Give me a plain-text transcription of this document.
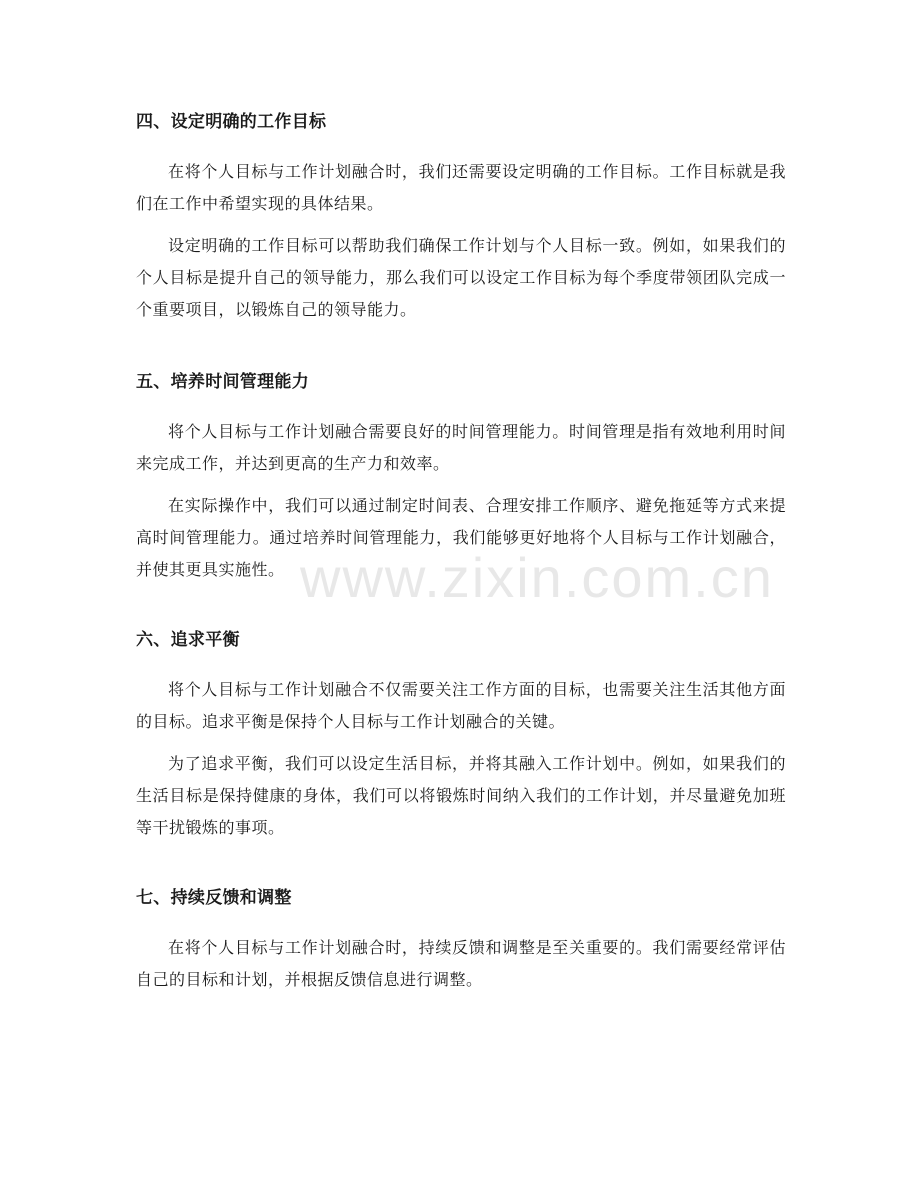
www.zixin.com.cn
四、设定明确的工作目标

在将个人目标与工作计划融合时，我们还需要设定明确的工作目标。工作目标就是我们在工作中希望实现的具体结果。

设定明确的工作目标可以帮助我们确保工作计划与个人目标一致。例如，如果我们的个人目标是提升自己的领导能力，那么我们可以设定工作目标为每个季度带领团队完成一个重要项目，以锻炼自己的领导能力。

五、培养时间管理能力

将个人目标与工作计划融合需要良好的时间管理能力。时间管理是指有效地利用时间来完成工作，并达到更高的生产力和效率。

在实际操作中，我们可以通过制定时间表、合理安排工作顺序、避免拖延等方式来提高时间管理能力。通过培养时间管理能力，我们能够更好地将个人目标与工作计划融合，并使其更具实施性。

六、追求平衡

将个人目标与工作计划融合不仅需要关注工作方面的目标，也需要关注生活其他方面的目标。追求平衡是保持个人目标与工作计划融合的关键。

为了追求平衡，我们可以设定生活目标，并将其融入工作计划中。例如，如果我们的生活目标是保持健康的身体，我们可以将锻炼时间纳入我们的工作计划，并尽量避免加班等干扰锻炼的事项。

七、持续反馈和调整

在将个人目标与工作计划融合时，持续反馈和调整是至关重要的。我们需要经常评估自己的目标和计划，并根据反馈信息进行调整。
